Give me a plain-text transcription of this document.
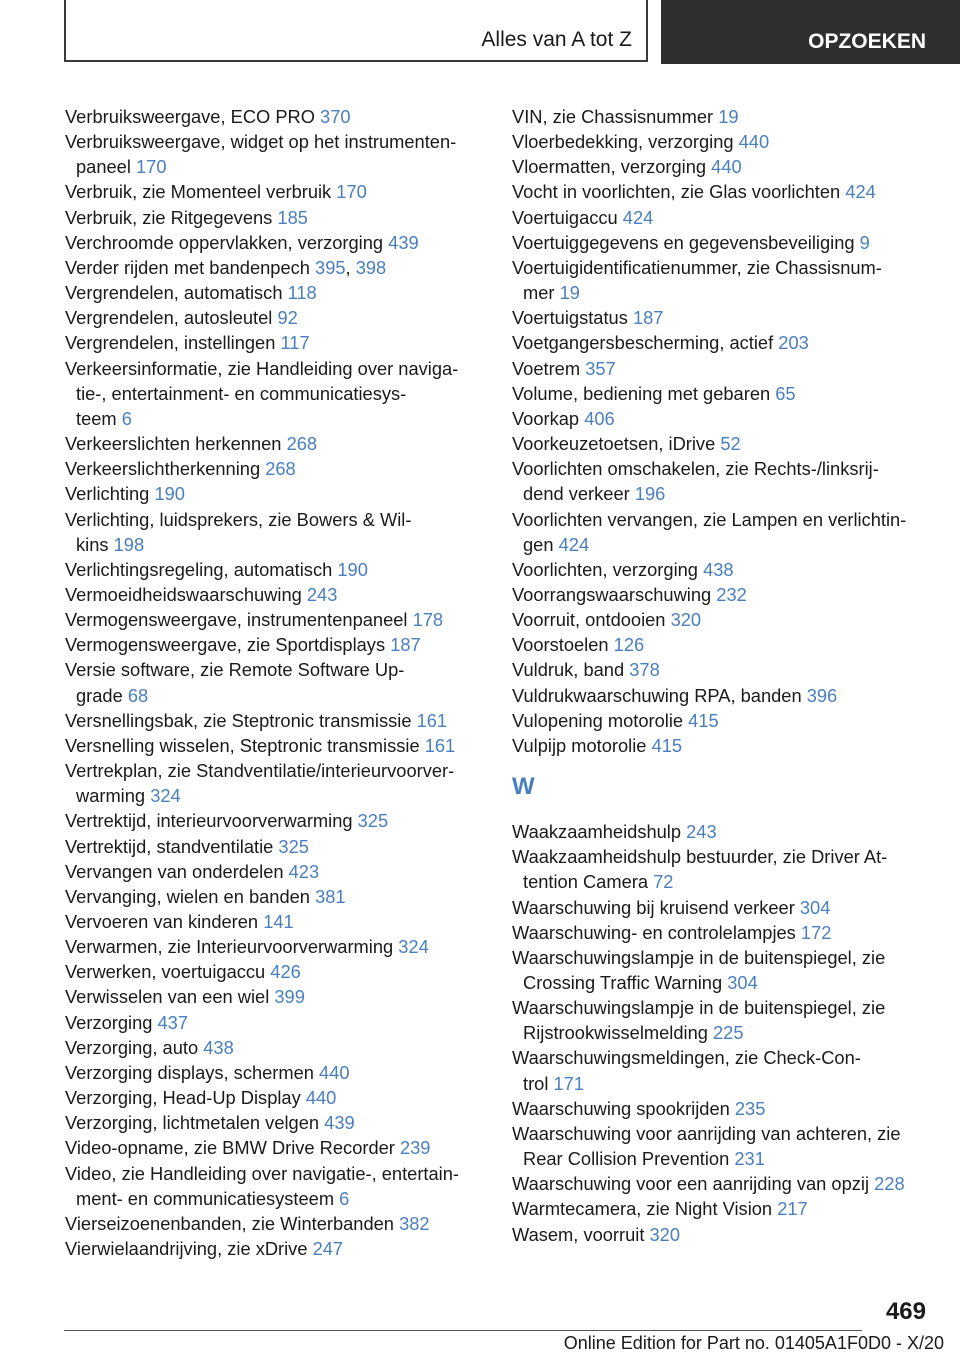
Alles van A tot Z	OPZOEKEN
Verbruiksweergave, ECO PRO 370
Verbruiksweergave, widget op het instrumenten-
paneel 170
Verbruik, zie Momenteel verbruik 170
Verbruik, zie Ritgegevens 185
Verchroomde oppervlakken, verzorging 439
Verder rijden met bandenpech 395, 398
Vergrendelen, automatisch 118
Vergrendelen, autosleutel 92
Vergrendelen, instellingen 117
Verkeersinformatie, zie Handleiding over naviga-
tie-, entertainment- en communicatiesys-
teem 6
Verkeerslichten herkennen 268
Verkeerslichtherkenning 268
Verlichting 190
Verlichting, luidsprekers, zie Bowers & Wil-
kins 198
Verlichtingsregeling, automatisch 190
Vermoeidheidswaarschuwing 243
Vermogensweergave, instrumentenpaneel 178
Vermogensweergave, zie Sportdisplays 187
Versie software, zie Remote Software Up-
grade 68
Versnellingsbak, zie Steptronic transmissie 161
Versnelling wisselen, Steptronic transmissie 161
Vertrekplan, zie Standventilatie/interieurvoorver-
warming 324
Vertrektijd, interieurvoorverwarming 325
Vertrektijd, standventilatie 325
Vervangen van onderdelen 423
Vervanging, wielen en banden 381
Vervoeren van kinderen 141
Verwarmen, zie Interieurvoorverwarming 324
Verwerken, voertuigaccu 426
Verwisselen van een wiel 399
Verzorging 437
Verzorging, auto 438
Verzorging displays, schermen 440
Verzorging, Head-Up Display 440
Verzorging, lichtmetalen velgen 439
Video-opname, zie BMW Drive Recorder 239
Video, zie Handleiding over navigatie-, entertain-
ment- en communicatiesysteem 6
Vierseizoenenbanden, zie Winterbanden 382
Vierwielaandrijving, zie xDrive 247
VIN, zie Chassisnummer 19
Vloerbedekking, verzorging 440
Vloermatten, verzorging 440
Vocht in voorlichten, zie Glas voorlichten 424
Voertuigaccu 424
Voertuiggegevens en gegevensbeveiliging 9
Voertuigidentificatienummer, zie Chassisnum-
mer 19
Voertuigstatus 187
Voetgangersbescherming, actief 203
Voetrem 357
Volume, bediening met gebaren 65
Voorkap 406
Voorkeuzetoetsen, iDrive 52
Voorlichten omschakelen, zie Rechts-/linksrij-
dend verkeer 196
Voorlichten vervangen, zie Lampen en verlichtin-
gen 424
Voorlichten, verzorging 438
Voorrangswaarschuwing 232
Voorruit, ontdooien 320
Voorstoelen 126
Vuldruk, band 378
Vuldrukwaarschuwing RPA, banden 396
Vulopening motorolie 415
Vulpijp motorolie 415
W
Waakzaamheidshulp 243
Waakzaamheidshulp bestuurder, zie Driver At-
tention Camera 72
Waarschuwing bij kruisend verkeer 304
Waarschuwing- en controlelampjes 172
Waarschuwingslampje in de buitenspiegel, zie
Crossing Traffic Warning 304
Waarschuwingslampje in de buitenspiegel, zie
Rijstrookwisselmelding 225
Waarschuwingsmeldingen, zie Check-Con-
trol 171
Waarschuwing spookrijden 235
Waarschuwing voor aanrijding van achteren, zie
Rear Collision Prevention 231
Waarschuwing voor een aanrijding van opzij 228
Warmtecamera, zie Night Vision 217
Wasem, voorruit 320
469
Online Edition for Part no. 01405A1F0D0 - X/20
